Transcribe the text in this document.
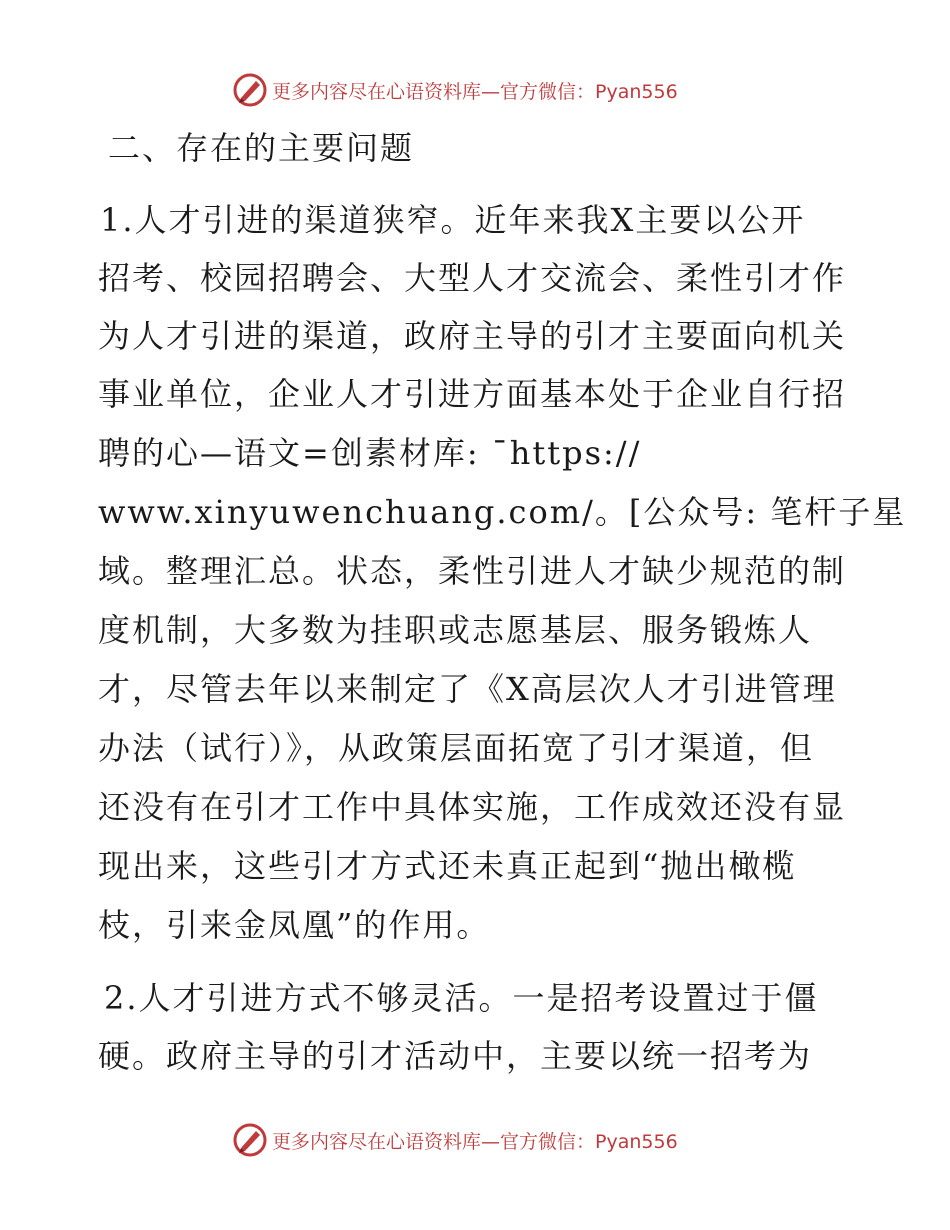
更多内容尽在心语资料库—官方微信：Pyan556
二、存在的主要问题
1.人才引进的渠道狭窄。近年来我X主要以公开
招考、校园招聘会、大型人才交流会、柔性引才作
为人才引进的渠道，政府主导的引才主要面向机关
事业单位，企业人才引进方面基本处于企业自行招
聘的心—语文=创素材库: ¯https://
www.xinyuwenchuang.com/。[公众号: 笔杆子星
域。整理汇总。状态，柔性引进人才缺少规范的制
度机制，大多数为挂职或志愿基层、服务锻炼人
才，尽管去年以来制定了《X高层次人才引进管理
办法（试行）》，从政策层面拓宽了引才渠道，但
还没有在引才工作中具体实施，工作成效还没有显
现出来，这些引才方式还未真正起到“抛出橄榄
枝，引来金凤凰”的作用。
2.人才引进方式不够灵活。一是招考设置过于僵
硬。政府主导的引才活动中，主要以统一招考为
更多内容尽在心语资料库—官方微信：Pyan556
